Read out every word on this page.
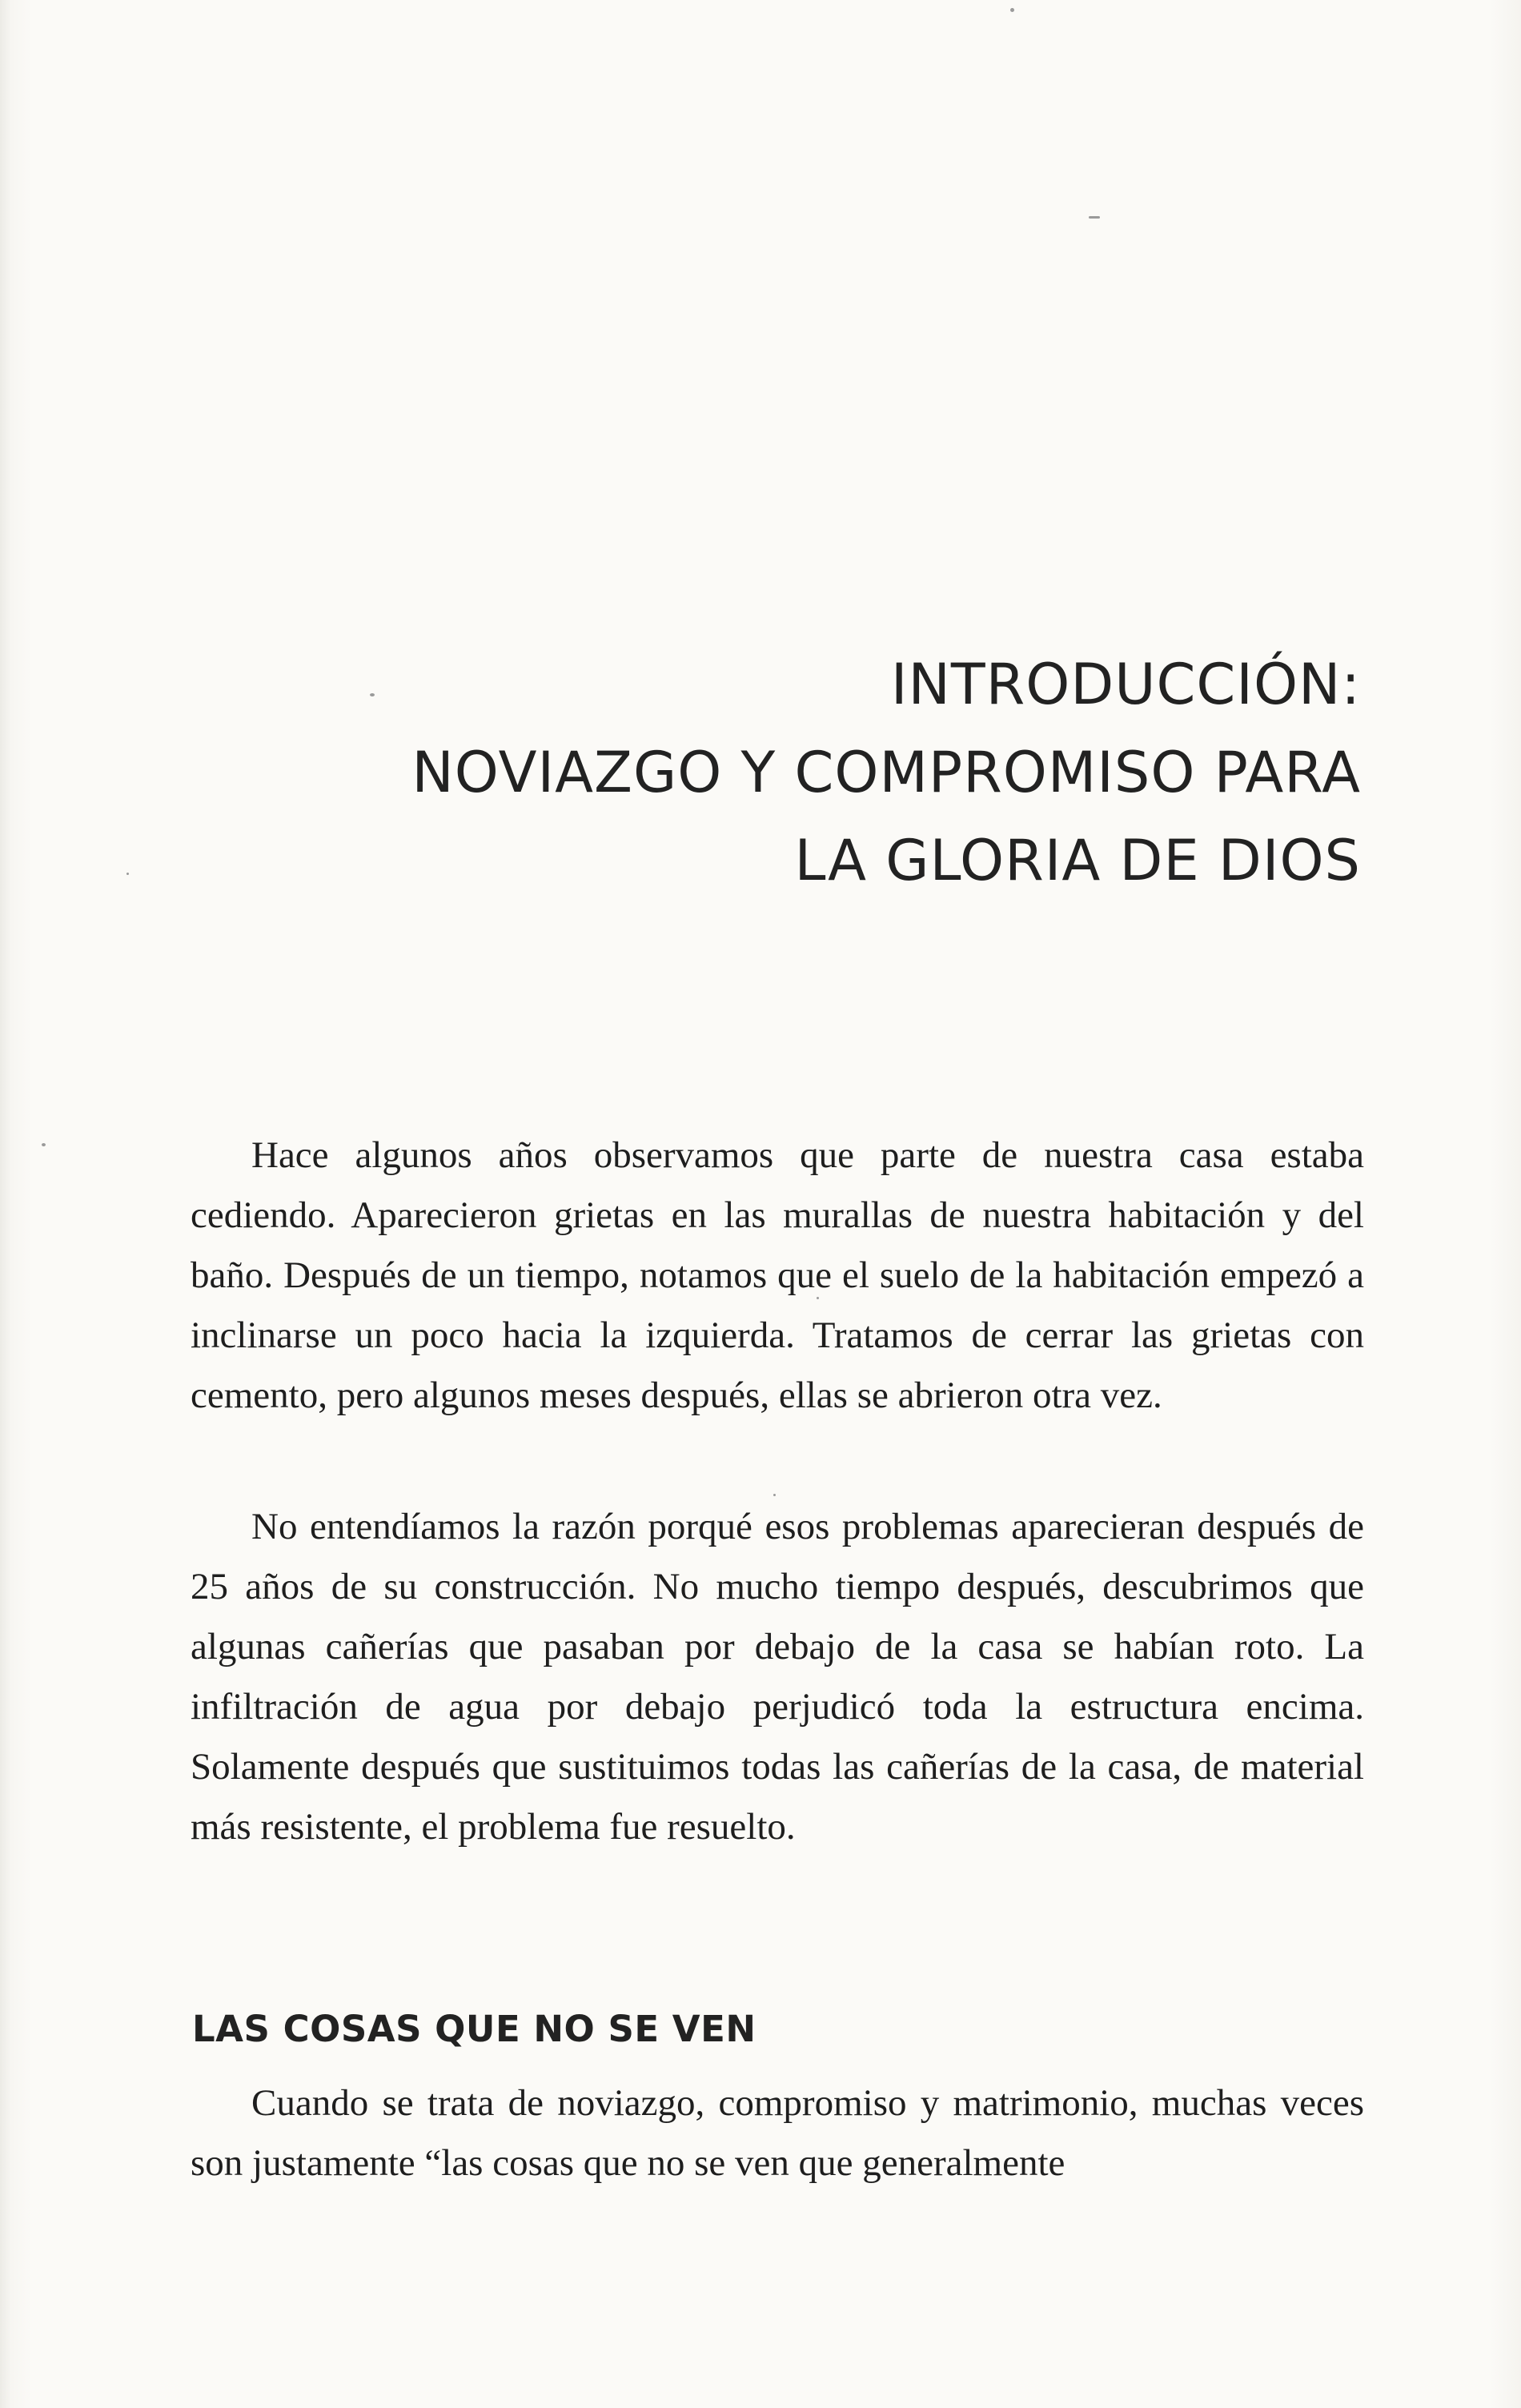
INTRODUCCIÓN:
NOVIAZGO Y COMPROMISO PARA
LA GLORIA DE DIOS

Hace algunos años observamos que parte de nuestra casa estaba cediendo. Aparecieron grietas en las murallas de nuestra habitación y del baño. Después de un tiempo, notamos que el suelo de la habitación empezó a inclinarse un poco hacia la izquierda. Tratamos de cerrar las grietas con cemento, pero algunos meses después, ellas se abrieron otra vez.

No entendíamos la razón porqué esos problemas aparecieran después de 25 años de su construcción. No mucho tiempo después, descubrimos que algunas cañerías que pasaban por debajo de la casa se habían roto. La infiltración de agua por debajo perjudicó toda la estructura encima. Solamente después que sustituimos todas las cañerías de la casa, de material más resistente, el problema fue resuelto.

LAS COSAS QUE NO SE VEN

Cuando se trata de noviazgo, compromiso y matrimonio, muchas veces son justamente “las cosas que no se ven que generalmente
